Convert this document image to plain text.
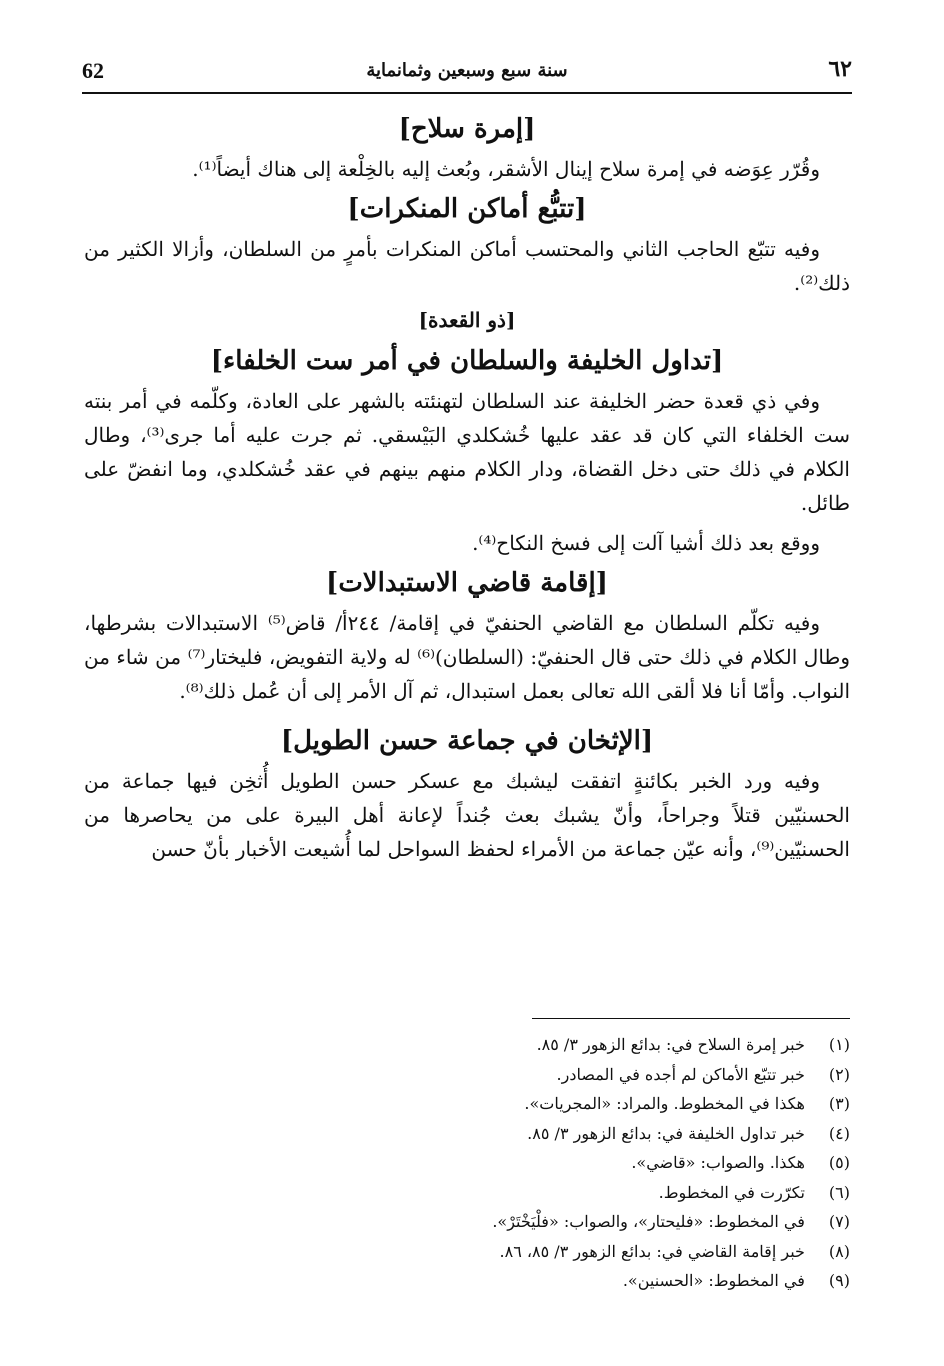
62	سنة سبع وسبعين وثمانماية	٦٢
[إمرة سلاح]
وقُرّر عِوَضه في إمرة سلاح إينال الأشقر، وبُعث إليه بالخِلْعة إلى هناك أيضاً⁽¹⁾.
[تتبُّع أماكن المنكرات]
وفيه تتبّع الحاجب الثاني والمحتسب أماكن المنكرات بأمرٍ من السلطان، وأزالا الكثير من ذلك⁽²⁾.
[ذو القعدة]
[تداول الخليفة والسلطان في أمر ست الخلفاء]
وفي ذي قعدة حضر الخليفة عند السلطان لتهنئته بالشهر على العادة، وكلّمه في أمر بنته ست الخلفاء التي كان قد عقد عليها خُشكلدي البَيْسقي. ثم جرت عليه أما جرى⁽³⁾، وطال الكلام في ذلك حتى دخل القضاة، ودار الكلام منهم بينهم في عقد خُشكلدي، وما انفضّ على طائل.
ووقع بعد ذلك أشيا آلت إلى فسخ النكاح⁽⁴⁾.
[إقامة قاضي الاستبدالات]
وفيه تكلّم السلطان مع القاضي الحنفيّ في إقامة/ ٢٤٤أ/ قاض⁽⁵⁾ الاستبدالات بشرطها، وطال الكلام في ذلك حتى قال الحنفيّ: (السلطان)⁽⁶⁾ له ولاية التفويض، فليختار⁽⁷⁾ من شاء من النواب. وأمّا أنا فلا ألقى الله تعالى بعمل استبدال، ثم آل الأمر إلى أن عُمل ذلك⁽⁸⁾.
[الإثخان في جماعة حسن الطويل]
وفيه ورد الخبر بكائنةٍ اتفقت ليشبك مع عسكر حسن الطويل أُثخِن فيها جماعة من الحسنيّين قتلاً وجراحاً، وأنّ يشبك بعث جُنداً لإعانة أهل البيرة على من يحاصرها من الحسنيّين⁽⁹⁾، وأنه عيّن جماعة من الأمراء لحفظ السواحل لما أُشيعت الأخبار بأنّ حسن
(١) خبر إمرة السلاح في: بدائع الزهور ٣/ ٨٥.
(٢) خبر تتبّع الأماكن لم أجده في المصادر.
(٣) هكذا في المخطوط. والمراد: «المجريات».
(٤) خبر تداول الخليفة في: بدائع الزهور ٣/ ٨٥.
(٥) هكذا. والصواب: «قاضي».
(٦) تكرّرت في المخطوط.
(٧) في المخطوط: «فليحتار»، والصواب: «فلْيَخْتَرْ».
(٨) خبر إقامة القاضي في: بدائع الزهور ٣/ ٨٥، ٨٦.
(٩) في المخطوط: «الحسنين».
